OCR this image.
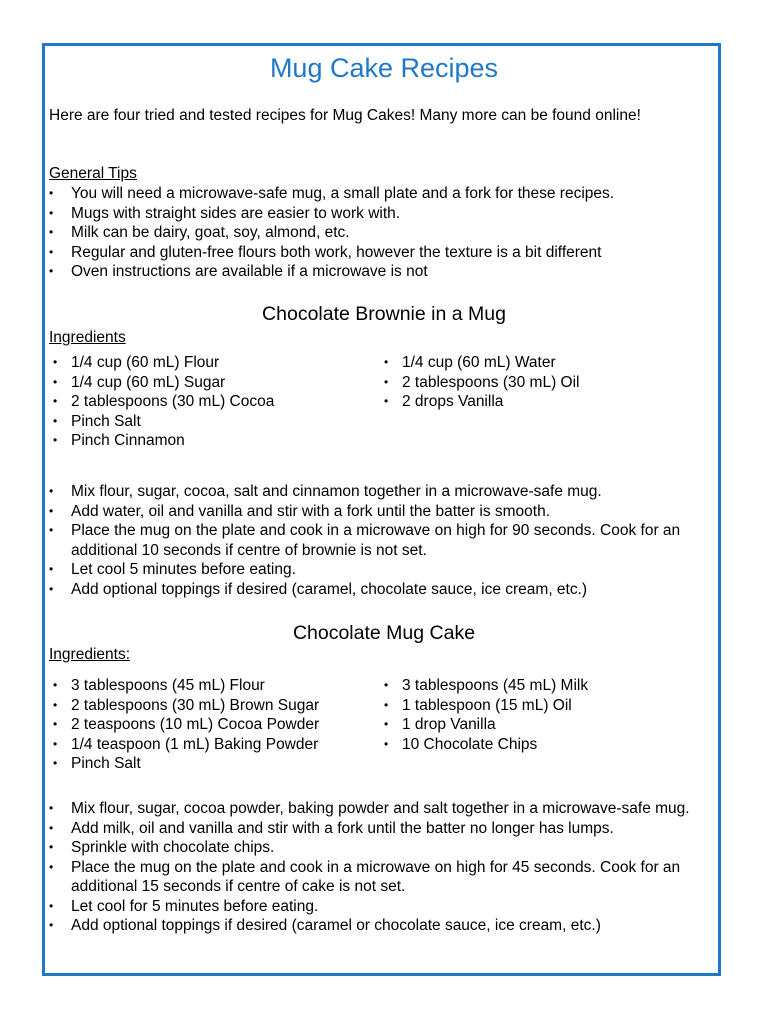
Mug Cake Recipes

Here are four tried and tested recipes for Mug Cakes! Many more can be found online!

General Tips
• You will need a microwave-safe mug, a small plate and a fork for these recipes.
• Mugs with straight sides are easier to work with.
• Milk can be dairy, goat, soy, almond, etc.
• Regular and gluten-free flours both work, however the texture is a bit different
• Oven instructions are available if a microwave is not
Chocolate Brownie in a Mug
Ingredients
• 1/4 cup (60 mL) Flour
• 1/4 cup (60 mL) Sugar
• 2 tablespoons (30 mL) Cocoa
• Pinch Salt
• Pinch Cinnamon
• 1/4 cup (60 mL) Water
• 2 tablespoons (30 mL) Oil
• 2 drops Vanilla
• Mix flour, sugar, cocoa, salt and cinnamon together in a microwave-safe mug.
• Add water, oil and vanilla and stir with a fork until the batter is smooth.
• Place the mug on the plate and cook in a microwave on high for 90 seconds. Cook for an additional 10 seconds if centre of brownie is not set.
• Let cool 5 minutes before eating.
• Add optional toppings if desired (caramel, chocolate sauce, ice cream, etc.)
Chocolate Mug Cake
Ingredients:
• 3 tablespoons (45 mL) Flour
• 2 tablespoons (30 mL) Brown Sugar
• 2 teaspoons (10 mL) Cocoa Powder
• 1/4 teaspoon (1 mL) Baking Powder
• Pinch Salt
• 3 tablespoons (45 mL) Milk
• 1 tablespoon (15 mL) Oil
• 1 drop Vanilla
• 10 Chocolate Chips
• Mix flour, sugar, cocoa powder, baking powder and salt together in a microwave-safe mug.
• Add milk, oil and vanilla and stir with a fork until the batter no longer has lumps.
• Sprinkle with chocolate chips.
• Place the mug on the plate and cook in a microwave on high for 45 seconds. Cook for an additional 15 seconds if centre of cake is not set.
• Let cool for 5 minutes before eating.
• Add optional toppings if desired (caramel or chocolate sauce, ice cream, etc.)
